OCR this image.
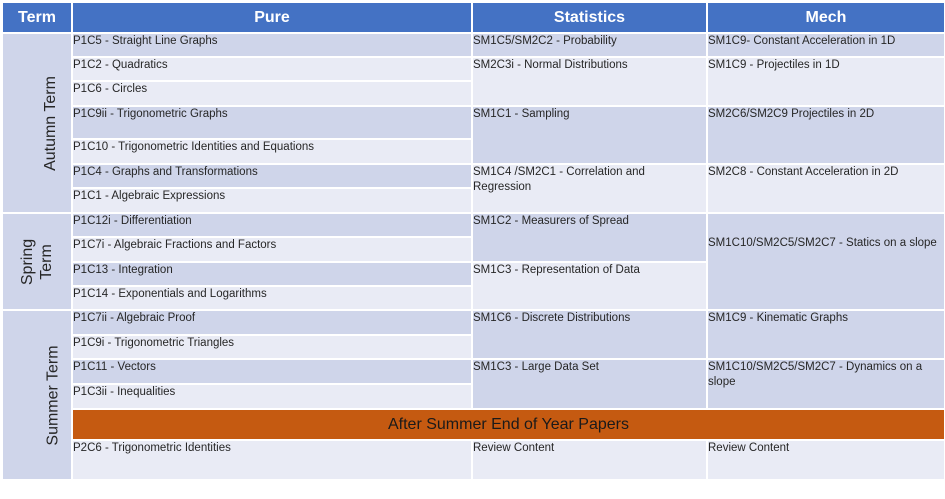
Term	Pure	Statistics	Mech
Autumn Term	P1C5 - Straight Line Graphs	SM1C5/SM2C2 - Probability	SM1C9- Constant Acceleration in 1D
	P1C2 - Quadratics	SM2C3i - Normal Distributions	SM1C9 - Projectiles in 1D
	P1C6 - Circles		
	P1C9ii - Trigonometric Graphs	SM1C1 - Sampling	SM2C6/SM2C9 Projectiles in 2D
	P1C10 - Trigonometric Identities and Equations		
	P1C4 - Graphs and Transformations	SM1C4 /SM2C1 - Correlation and Regression	SM2C8 - Constant Acceleration in 2D
	P1C1 - Algebraic Expressions		
Spring Term	P1C12i - Differentiation	SM1C2 - Measurers of Spread	SM1C10/SM2C5/SM2C7 - Statics on a slope
	P1C7i - Algebraic Fractions and Factors		
	P1C13 - Integration	SM1C3 - Representation of Data	
	P1C14 - Exponentials and Logarithms		
Summer Term	P1C7ii - Algebraic Proof	SM1C6 - Discrete Distributions	SM1C9 - Kinematic Graphs
	P1C9i - Trigonometric Triangles		
	P1C11 - Vectors	SM1C3 - Large Data Set	SM1C10/SM2C5/SM2C7 - Dynamics on a slope
	P1C3ii - Inequalities		
	After Summer End of Year Papers		
	P2C6 - Trigonometric Identities	Review Content	Review Content
